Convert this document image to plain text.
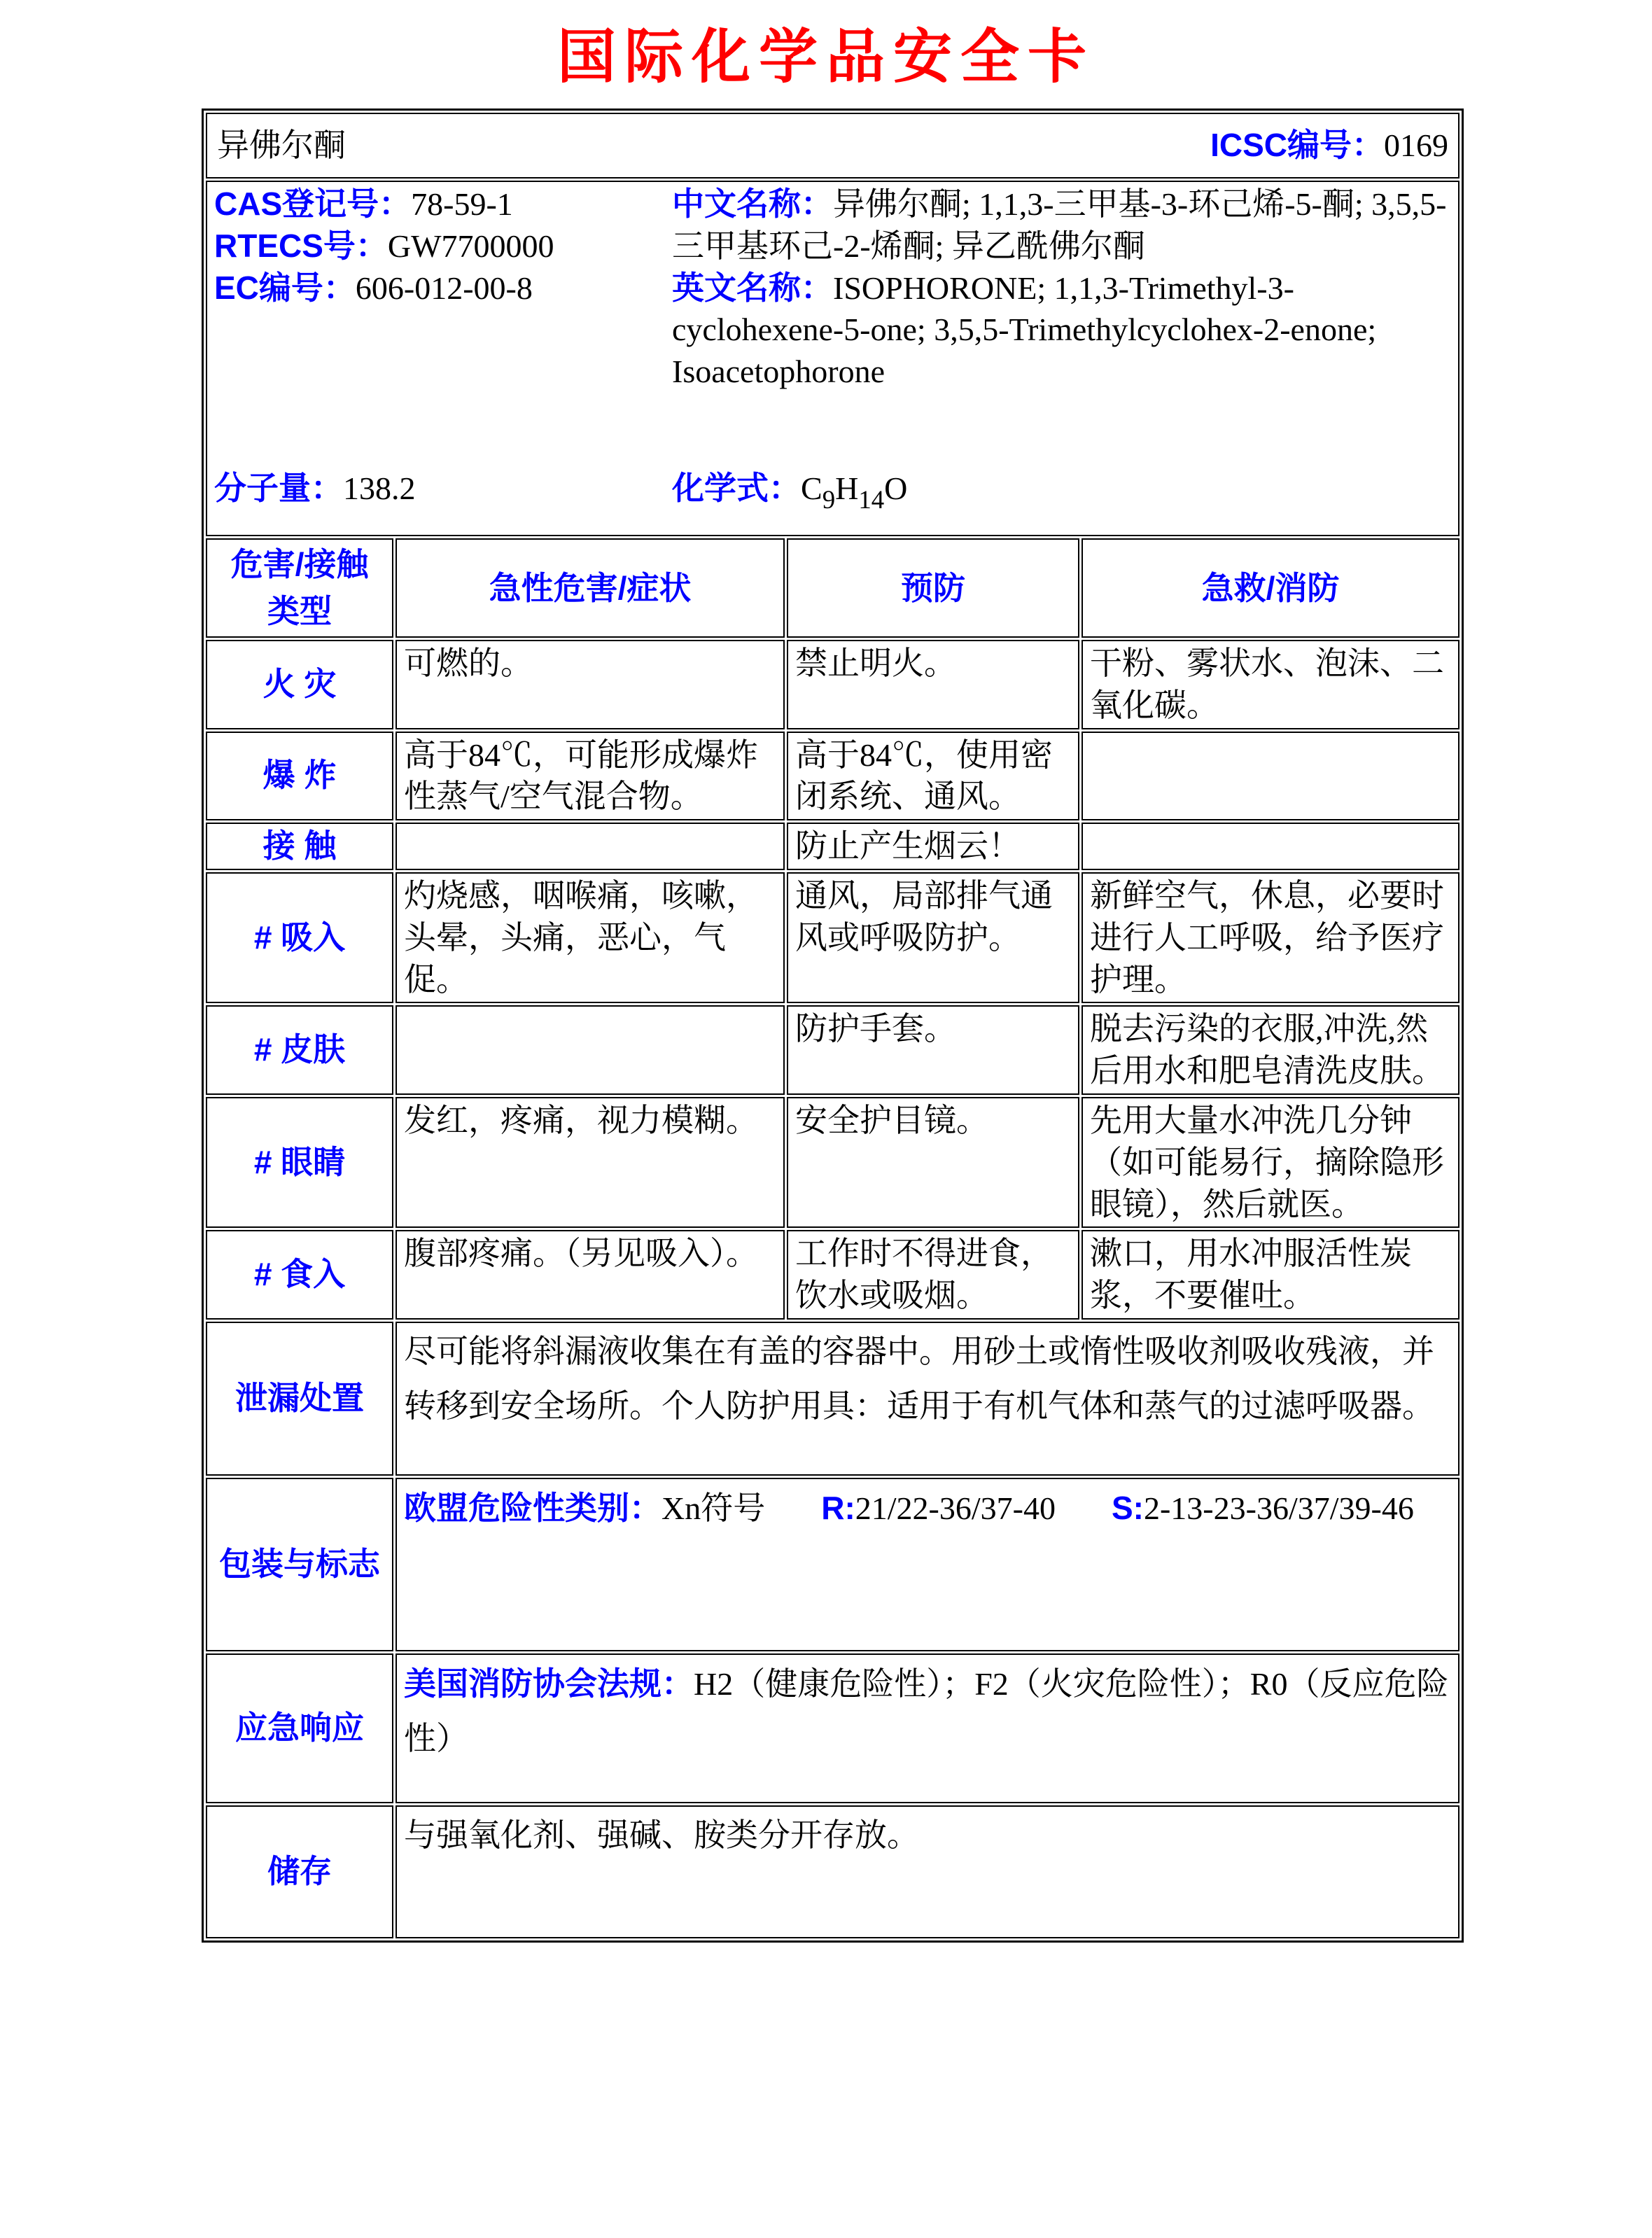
国际化学品安全卡
异佛尔酮 ICSC编号：0169			

CAS登记号：78-59-1
RTECS号：GW7700000
EC编号：606-012-00-8

中文名称：异佛尔酮; 1,1,3-三甲基-3-环己烯-5-酮; 3,5,5-三甲基环己-2-烯酮; 异乙酰佛尔酮

英文名称：ISOPHORONE; 1,1,3-Trimethyl-3-cyclohexene-5-one; 3,5,5-Trimethylcyclohex-2-enone; Isoacetophorone

分子量：138.2	化学式：$C_9H_{14}O$

危害/接触
类型	急性危害/症状	预防	急救/消防
火 灾	可燃的。	禁止明火。	干粉、雾状水、泡沫、二氧化碳。
爆 炸	高于84℃，可能形成爆炸性蒸气/空气混合物。	高于84℃，使用密闭系统、通风。	
接 触		防止产生烟云！	
# 吸入	灼烧感，咽喉痛，咳嗽，头晕，头痛，恶心，气促。	通风，局部排气通风或呼吸防护。	新鲜空气，休息，必要时进行人工呼吸，给予医疗护理。
# 皮肤		防护手套。	脱去污染的衣服,冲洗,然后用水和肥皂清洗皮肤。
# 眼睛	发红，疼痛，视力模糊。	安全护目镜。	先用大量水冲洗几分钟 （如可能易行，摘除隐形眼镜），然后就医。
# 食入	腹部疼痛。（另见吸入）。	工作时不得进食，饮水或吸烟。	漱口，用水冲服活性炭浆，不要催吐。
泄漏处置	尽可能将斜漏液收集在有盖的容器中。用砂土或惰性吸收剂吸收残液，并转移到安全场所。个人防护用具：适用于有机气体和蒸气的过滤呼吸器。		
包装与标志	欧盟危险性类别：Xn符号 R:21/22-36/37-40 S:2-13-23-36/37/39-46		
应急响应	美国消防协会法规：H2（健康危险性）；F2（火灾危险性）；R0（反应危险性）		
储存	与强氧化剂、强碱、胺类分开存放。		
